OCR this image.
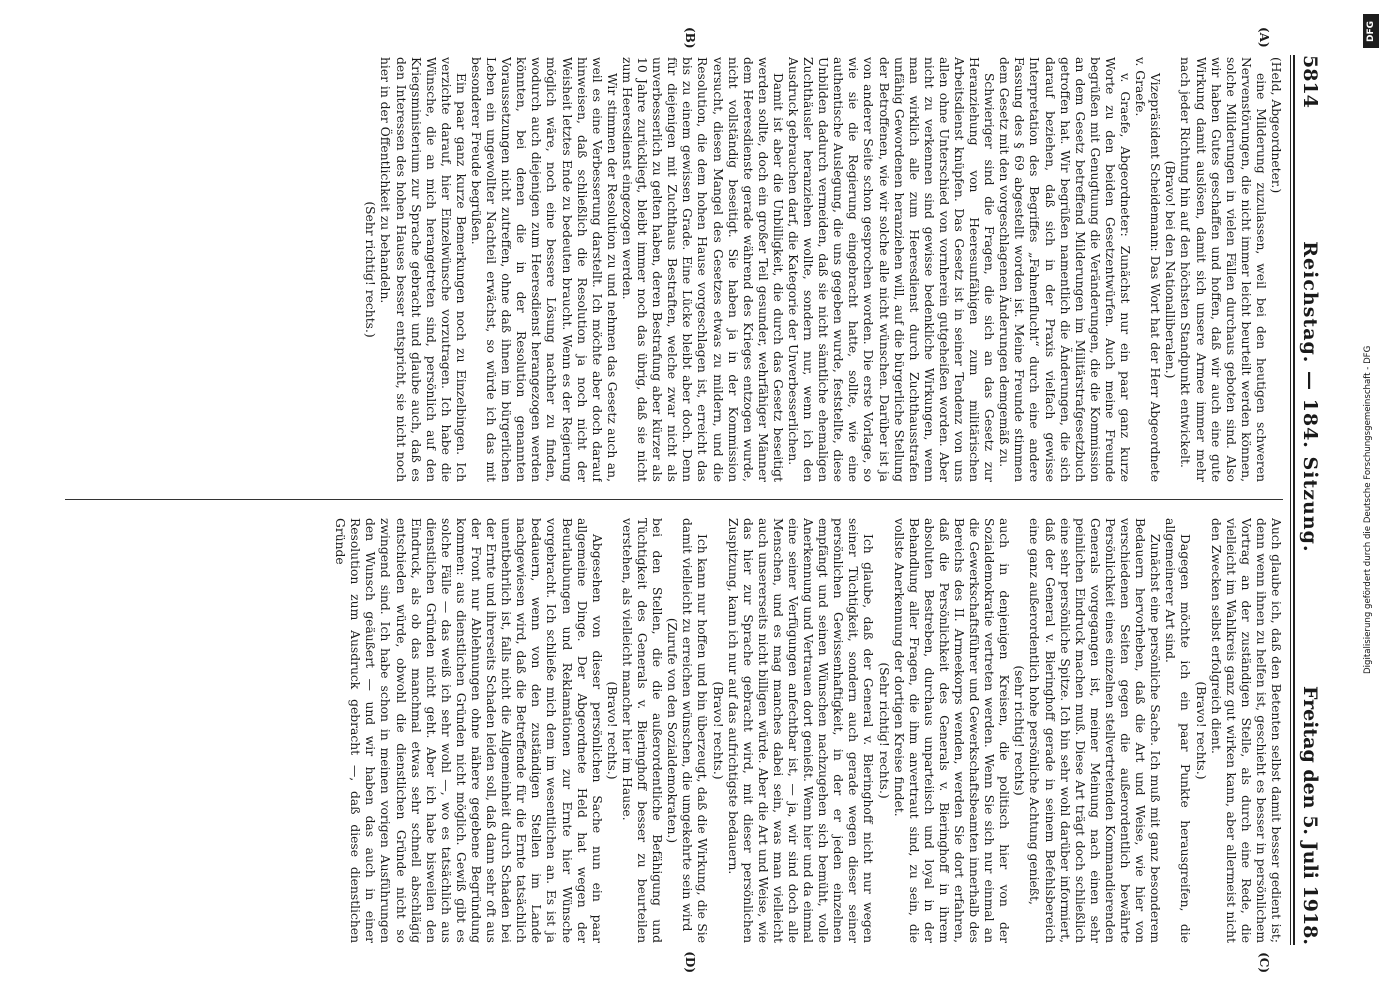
5814
Reichstag. — 184. Sitzung.
Freitag den 5. Juli 1918.
(A)
(B)
(C)
(D)

(Held, Abgeordneter.)

eine Milderung zuzulassen, weil bei den heutigen schweren Nervenstörungen, die nicht immer leicht beurteilt werden können, solche Milderungen in vielen Fällen durchaus geboten sind. Also wir haben Gutes geschaffen und hoffen, daß wir auch eine gute Wirkung damit auslösen, damit sich unsere Armee immer mehr nach jeder Richtung hin auf den höchsten Standpunkt entwickelt.

(Bravo! bei den Nationalliberalen.)

Vizepräsident Scheidemann: Das Wort hat der Herr Abgeordnete v. Graefe.

v. Graefe, Abgeordneter: Zunächst nur ein paar ganz kurze Worte zu den beiden Gesetzentwürfen. Auch meine Freunde begrüßen mit Genugtuung die Veränderungen, die die Kommission an dem Gesetz betreffend Milderungen im Militärstrafgesetzbuch getroffen hat. Wir begrüßen namentlich die Änderungen, die sich darauf beziehen, daß sich in der Praxis vielfach gewisse Interpretation des Begriffes „Fahnenflucht“ durch eine andere Fassung des § 69 abgestellt worden ist. Meine Freunde stimmen dem Gesetz mit den vorgeschlagenen Änderungen demgemäß zu.

Schwieriger sind die Fragen, die sich an das Gesetz zur Heranziehung von Heeresunfähigen zum militärischen Arbeitsdienst knüpfen. Das Gesetz ist in seiner Tendenz von uns allen ohne Unterschied von vornherein gutgeheißen worden. Aber nicht zu verkennen sind gewisse bedenkliche Wirkungen, wenn man wirklich alle zum Heeresdienst durch Zuchthausstrafen unfähig Gewordenen heranziehen will, auf die bürgerliche Stellung der Betroffenen, wie wir solche alle nicht wünschen. Darüber ist ja von anderer Seite schon gesprochen worden. Die erste Vorlage, so wie sie die Regierung eingebracht hatte, sollte, wie eine authentische Auslegung, die uns gegeben wurde, feststellte, diese Unbilden dadurch vermeiden, daß sie nicht sämtliche ehemaligen Zuchthäusler heranziehen wollte, sondern nur, wenn ich den Ausdruck gebrauchen darf, die Kategorie der Unverbesserlichen.

Damit ist aber die Unbilligkeit, die durch das Gesetz beseitigt werden sollte, doch ein großer Teil gesunder, wehrfähiger Männer dem Heeresdienste gerade während des Krieges entzogen wurde, nicht vollständig beseitigt. Sie haben ja in der Kommission versucht, diesen Mangel des Gesetzes etwas zu mildern, und die Resolution, die dem hohen Hause vorgeschlagen ist, erreicht das bis zu einem gewissen Grade. Eine Lücke bleibt aber doch. Denn für diejenigen mit Zuchthaus Bestraften, welche zwar nicht als unverbesserlich zu gelten haben, deren Bestrafung aber kürzer als 10 Jahre zurückliegt, bleibt immer noch das übrig, daß sie nicht zum Heeresdienst eingezogen werden.

Wir stimmen der Resolution zu und nehmen das Gesetz auch an, weil es eine Verbesserung darstellt. Ich möchte aber doch darauf hinweisen, daß schließlich die Resolution ja noch nicht der Weisheit letztes Ende zu bedeuten braucht. Wenn es der Regierung möglich wäre, noch eine bessere Lösung nachher zu finden, wodurch auch diejenigen zum Heeresdienst herangezogen werden könnten, bei denen die in der Resolution genannten Voraussetzungen nicht zutreffen, ohne daß ihnen im bürgerlichen Leben ein ungewollter Nachteil erwächst, so würde ich das mit besonderer Freude begrüßen.

Ein paar ganz kurze Bemerkungen noch zu Einzelbingen. Ich verzichte darauf, hier Einzelwünsche vorzutragen. Ich habe die Wünsche, die an mich herangetreten sind, persönlich auf den Kriegsministerium zur Sprache gebracht und glaube auch, daß es den Interessen des hohen Hauses besser entspricht, sie nicht noch hier in der Öffentlichkeit zu behandeln.

(Sehr richtig! rechts.)

Auch glaube ich, daß den Betenten selbst damit besser gedient ist; denn wenn ihnen zu helfen ist, geschieht es besser in persönlichem Vortrag an der zuständigen Stelle, als durch eine Rede, die vielleicht im Wahlkreis ganz gut wirken kann, aber allermeist nicht den Zwecken selbst erfolgreich dient.

(Bravo! rechts.)

Dagegen möchte ich ein paar Punkte herausgreifen, die allgemeinerer Art sind.

Zunächst eine persönliche Sache. Ich muß mit ganz besonderem Bedauern hervorheben, daß die Art und Weise, wie hier von verschiedenen Seiten gegen die außerordentlich bewährte Persönlichkeit eines einzelnen stellvertretenden Kommandierenden Generals vorgegangen ist, meiner Meinung nach einen sehr peinlichen Eindruck machen muß. Diese Art trägt doch schließlich eine sehr persönliche Spitze. Ich bin sehr wohl darüber informiert, daß der General v. Bieringhoff gerade in seinem Befehlsbereich eine ganz außerordentlich hohe persönliche Achtung genießt,

(sehr richtig! rechts)

auch in denjenigen Kreisen, die politisch hier von der Sozialdemokratie vertreten werden. Wenn Sie sich nur einmal an die Gewerkschaftsführer und Gewerkschaftsbeamten innerhalb des Bereichs des II. Armeekorps wenden, werden Sie dort erfahren, daß die Persönlichkeit des Generals v. Bieringhoff in ihrem absoluten Bestreben, durchaus unparteiisch und loyal in der Behandlung aller Fragen, die ihm anvertraut sind, zu sein, die vollste Anerkennung der dortigen Kreise findet.

(Sehr richtig! rechts.)

Ich glaube, daß der General v. Bieringhoff nicht nur wegen seiner Tüchtigkeit, sondern auch gerade wegen dieser seiner persönlichen Gewissenhaftigkeit, in der er jeden einzelnen empfängt und seinen Wünschen nachzugehen sich bemüht, volle Anerkennung und Vertrauen dort genießt. Wenn hier und da einmal eine seiner Verfügungen anfechtbar ist, — ja, wir sind doch alle Menschen, und es mag manches dabei sein, was man vielleicht auch unsererseits nicht billigen würde. Aber die Art und Weise, wie das hier zur Sprache gebracht wird, mit dieser persönlichen Zuspitzung, kann ich nur auf das aufrichtigste bedauern.

(Bravo! rechts.)

Ich kann nur hoffen und bin überzeugt, daß die Wirkung, die Sie damit vielleicht zu erreichen wünschen, die umgekehrte sein wird

(Zurufe von den Sozialdemokraten.)

bei den Stellen, die die außerordentliche Befähigung und Tüchtigkeit des Generals v. Bieringhoff besser zu beurteilen verstehen, als vielleicht mancher hier im Hause.

(Bravo! rechts.)

Abgesehen von dieser persönlichen Sache nun ein paar allgemeine Dinge. Der Abgeordnete Held hat wegen der Beurlaubungen und Reklamationen zur Ernte hier Wünsche vorgebracht. Ich schließe mich dem im wesentlichen an. Es ist ja bedauern, wenn von den zuständigen Stellen im Lande nachgewiesen wird, daß die Betreffende für die Ernte tatsächlich unentbehrlich ist, falls nicht die Allgemeinheit durch Schaden bei der Ernte und ihrerseits Schaden leiden soll, daß dann sehr oft aus der Front nur Ablehnungen ohne nähere gegebene Begründung kommen: aus dienstlichen Gründen nicht möglich. Gewiß gibt es solche Fälle — das weiß ich sehr wohl —, wo es tatsächlich aus dienstlichen Gründen nicht geht. Aber ich habe bisweilen den Eindruck, als ob das manchmal etwas sehr schnell abschlägig entschieden würde, obwohl die dienstlichen Gründe nicht so zwingend sind. Ich habe schon in meinen vorigen Ausführungen den Wunsch geäußert — und wir haben das auch in einer Resolution zum Ausdruck gebracht —, daß diese dienstlichen Gründe

DFG
Digitalisierung gefördert durch die Deutsche Forschungsgemeinschaft - DFG
